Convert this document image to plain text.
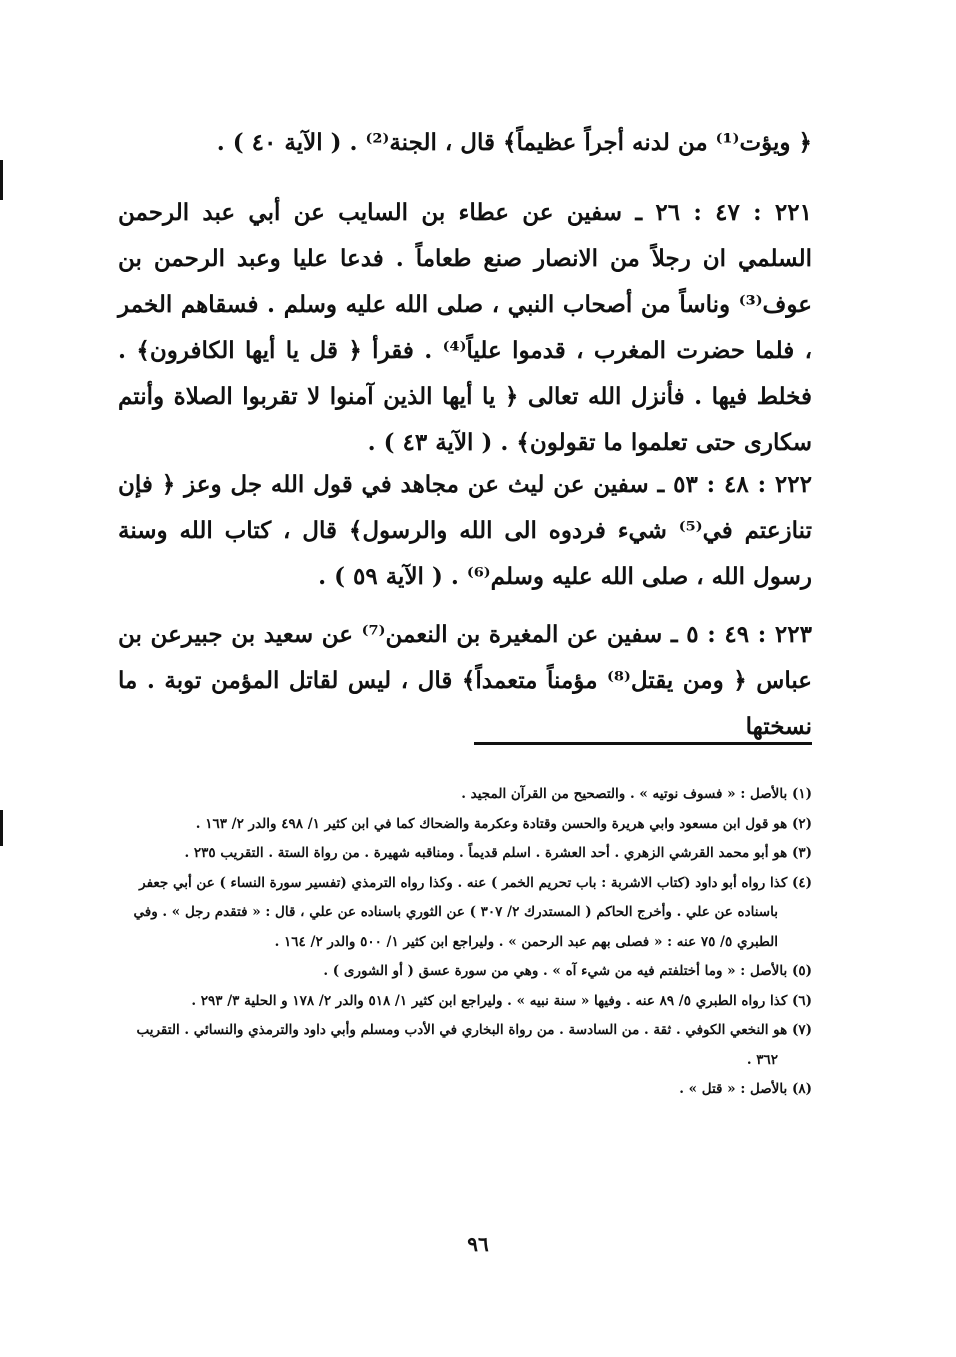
﴿ ويؤت⁽¹⁾ من لدنه أجراً عظيماً﴾ قال ، الجنة⁽²⁾ . ( الآية ٤٠ ) .

٢٢١ : ٤٧ : ٢٦ ـ سفين عن عطاء بن السايب عن أبي عبد الرحمن السلمي ان رجلاً من الانصار صنع طعاماً . فدعا عليا وعبد الرحمن بن عوف⁽³⁾ وناساً من أصحاب النبي ، صلى الله عليه وسلم . فسقاهم الخمر ، فلما حضرت المغرب ، قدموا علياً⁽⁴⁾ . فقرأ ﴿ قل يا أيها الكافرون﴾ . فخلط فيها . فأنزل الله تعالى ﴿ يا أيها الذين آمنوا لا تقربوا الصلاة وأنتم سكارى حتى تعلموا ما تقولون﴾ . ( الآية ٤٣ ) .

٢٢٢ : ٤٨ : ٥٣ ـ سفين عن ليث عن مجاهد في قول الله جل وعز ﴿ فإن تنازعتم في⁽⁵⁾ شيء فردوه الى الله والرسول﴾ قال ، كتاب الله وسنة رسول الله ، صلى الله عليه وسلم⁽⁶⁾ . ( الآية ٥٩ ) .

٢٢٣ : ٤٩ : ٥ ـ سفين عن المغيرة بن النعمن⁽⁷⁾ عن سعيد بن جبيرعن بن عباس ﴿ ومن يقتل⁽⁸⁾ مؤمناً متعمداً﴾ قال ، ليس لقاتل المؤمن توبة . ما نسختها

(١) بالأصل : « فسوف نوتيه » . والتصحيح من القرآن المجيد .
(٢) هو قول ابن مسعود وابي هريرة والحسن وقتادة وعكرمة والضحاك كما في ابن كثير ١/ ٤٩٨ والدر ٢/ ١٦٣ .
(٣) هو أبو محمد القرشي الزهري . أحد العشرة . اسلم قديماً . ومناقبه شهيرة . من رواة الستة . التقريب ٢٣٥ .
(٤) كذا رواه أبو داود (كتاب الاشربة : باب تحريم الخمر ) عنه . وكذا رواه الترمذي (تفسير سورة النساء ) عن أبي جعفر باسناده عن علي . وأخرج الحاكم ( المستدرك ٢/ ٣٠٧ ) عن الثوري باسناده عن علي ، قال : « فتقدم رجل » . وفي الطبري ٥/ ٧٥ عنه : « فصلى بهم عبد الرحمن » . وليراجع ابن كثير ١/ ٥٠٠ والدر ٢/ ١٦٤ .
(٥) بالأصل : « وما أختلفتم فيه من شيء آه » . وهي من سورة عسق ( أو الشورى ) .
(٦) كذا رواه الطبري ٥/ ٨٩ عنه . وفيها « سنة نبيه » . وليراجع ابن كثير ١/ ٥١٨ والدر ٢/ ١٧٨ و الحلية ٣/ ٢٩٣ .
(٧) هو النخعي الكوفي . ثقة . من السادسة . من رواة البخاري في الأدب ومسلم وأبي داود والترمذي والنسائي . التقريب ٣٦٢ .
(٨) بالأصل : « قتل » .
٩٦
